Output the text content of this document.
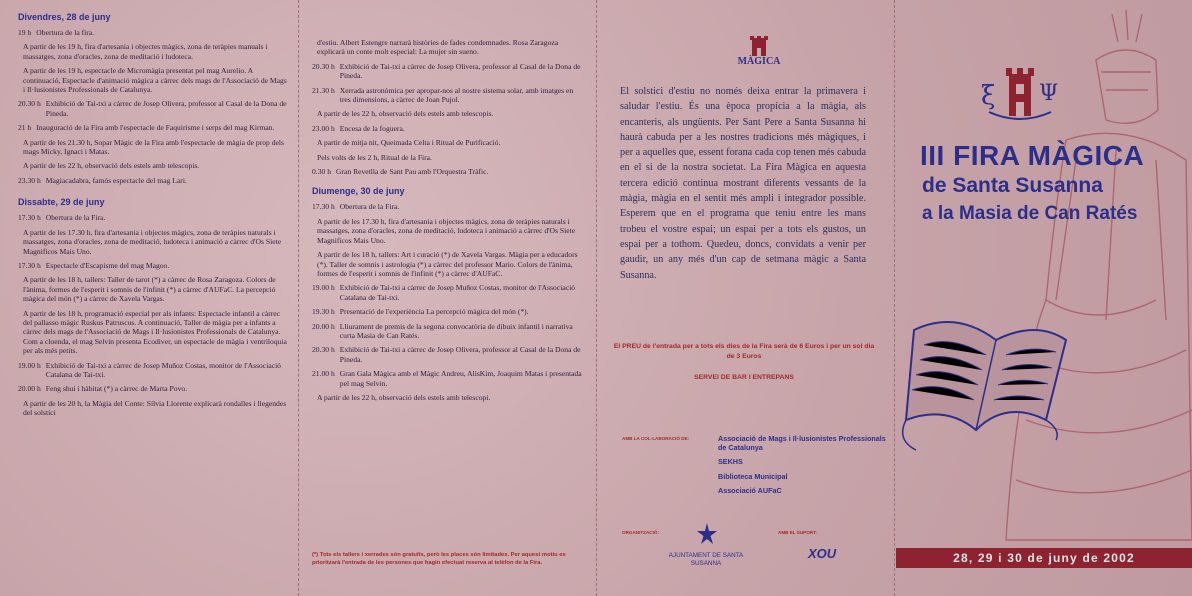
Divendres, 28 de juny
19 h Obertura de la fira.
A partir de les 19 h, fira d'artesania i objectes màgics, zona de teràpies manuals i massatges, zona d'oracles, zona de meditació i ludoteca.
A partir de les 19 h, espectacle de Micromàgia presentat pel mag Aurelio. A continuació, Espectacle d'animació màgica a càrrec dels mags de l'Associació de Mags i Il·lusionistes Professionals de Catalunya.
20.30 h Exhibició de Tai-txi a càrrec de Josep Olivera, professor al Casal de la Dona de Pineda.
21 h Inauguració de la Fira amb l'espectacle de Faquirisme i serps del mag Kirman.
A partir de les 21.30 h, Sopar Màgic de la Fira amb l'espectacle de màgia de prop dels mags Micky, Ignaci i Matas.
A partir de les 22 h, observació dels estels amb telescopis.
23.30 h Magiacadabra, famós espectacle del mag Lari.
Dissabte, 29 de juny
17.30 h Obertura de la Fira.
A partir de les 17.30 h, fira d'artesania i objectes màgics, zona de teràpies naturals i massatges, zona d'oracles, zona de meditació, ludoteca i animació a càrrec d'Os Siete Magnificos Mais Uno.
17.30 h Espectacle d'Escapisme del mag Magoo.
A partir de les 18 h, tallers: Taller de tarot (*) a càrrec de Rosa Zaragoza. Colors de l'ànima, formes de l'esperit i somnis de l'infinit (*) a càrrec d'AUFaC. La percepció màgica del món (*) a càrrec de Xavela Vargas.
A partir de les 18 h, programació especial per als infants: Espectacle infantil a càrrec del pallasso màgic Ruskus Patruscus. A continuació, Taller de màgia per a infants a càrrec dels mags de l'Associació de Mags i Il·lusionistes Professionals de Catalunya. Com a cloenda, el mag Selvin presenta Ecodiver, un espectacle de màgia i ventriloquia per als més petits.
19.00 h Exhibició de Tai-txi a càrrec de Josep Muñoz Costas, monitor de l'Associació Catalana de Tai-txi.
20.00 h Feng shui i hàbitat (*) a càrrec de Marta Povo.
A partir de les 20 h, la Màgia del Conte: Sílvia Llorente explicarà rondalles i llegendes del solstici
d'estiu. Albert Estengre narrarà històries de fades condemnades. Rosa Zaragoza explicarà un conte molt especial: La mujer sin sueno.
20.30 h Exhibició de Tai-txi a càrrec de Josep Olivera, professor al Casal de la Dona de Pineda.
21.30 h Xerrada astronòmica per apropar-nos al nostre sistema solar, amb imatges en tres dimensions, a càrrec de Joan Pujol.
A partir de les 22 h, observació dels estels amb telescopis.
23.00 h Encesa de la foguera.
A partir de mitja nit, Queimada Celta i Ritual de Purificació.
Pels volts de les 2 h, Ritual de la Fira.
0.30 h Gran Revetlla de Sant Pau amb l'Orquestra Tràfic.
Diumenge, 30 de juny
17.30 h Obertura de la Fira.
A partir de les 17.30 h, fira d'artesania i objectes màgics, zona de teràpies naturals i massatges, zona d'oracles, zona de meditació, ludoteca i animació a càrrec d'Os Siete Magnificos Mais Uno.
A partir de les 18 h, tallers: Art i curació (*) de Xavela Vargas. Màgia per a educadors (*). Taller de somnis i astrologia (*) a càrrec del professor Mario. Colors de l'ànima, formes de l'esperit i somnis de l'infinit (*) a càrrec d'AUFaC.
19.00 h Exhibició de Tai-txi a càrrec de Josep Muñoz Costas, monitor de l'Associació Catalana de Tai-txi.
19.30 h Presentació de l'experiència La percepció màgica del món (*).
20.00 h Lliurament de premis de la segona convocatòria de dibuix infantil i narrativa curta Masia de Can Ratés.
20.30 h Exhibició de Tai-txi a càrrec de Josep Olivera, professor al Casal de la Dona de Pineda.
21.00 h Gran Gala Màgica amb el Màgic Andreu, AlisKim, Joaquim Matas i presentada pel mag Selvin.
A partir de les 22 h, observació dels estels amb telescopi.

(*) Tots els tallers i xerrades són gratuïts, però les places són limitades. Per aquest motiu es prioritzarà l'entrada de les persones que hagin efectuat reserva al telèfon de la Fira.

MÀGICA

El solstici d'estiu no només deixa entrar la primavera i saludar l'estiu. És una època propícia a la màgia, als encanteris, als ungüents. Per Sant Pere a Santa Susanna hi haurà cabuda per a les nostres tradicions més màgiques, i per a aquelles que, essent forana cada cop tenen més cabuda en el si de la nostra societat. La Fira Màgica en aquesta tercera edició continua mostrant diferents vessants de la màgia, màgia en el sentit més ampli i integrador possible. Esperem que en el programa que teniu entre les mans trobeu el vostre espai; un espai per a tots els gustos, un espai per a tothom. Quedeu, doncs, convidats a venir per gaudir, un any més d'un cap de setmana màgic a Santa Susanna.

El PREU de l'entrada per a tots els dies de la Fira serà de 6 Euros i per un sol dia de 3 Euros

SERVEI DE BAR I ENTREPANS

AMB LA COL·LABORACIÓ DE:	Associació de Mags i Il·lusionistes Professionals de Catalunya
SEKHS
Biblioteca Municipal
Associació AUFaC

ORGANITZACIÓ:

AJUNTAMENT DE SANTA SUSANNA

AMB EL SUPORT:

XOU
ξ Ψ
III FIRA MÀGICA
de Santa Susanna
a la Masia de Can Ratés

28, 29 i 30 de juny de 2002
